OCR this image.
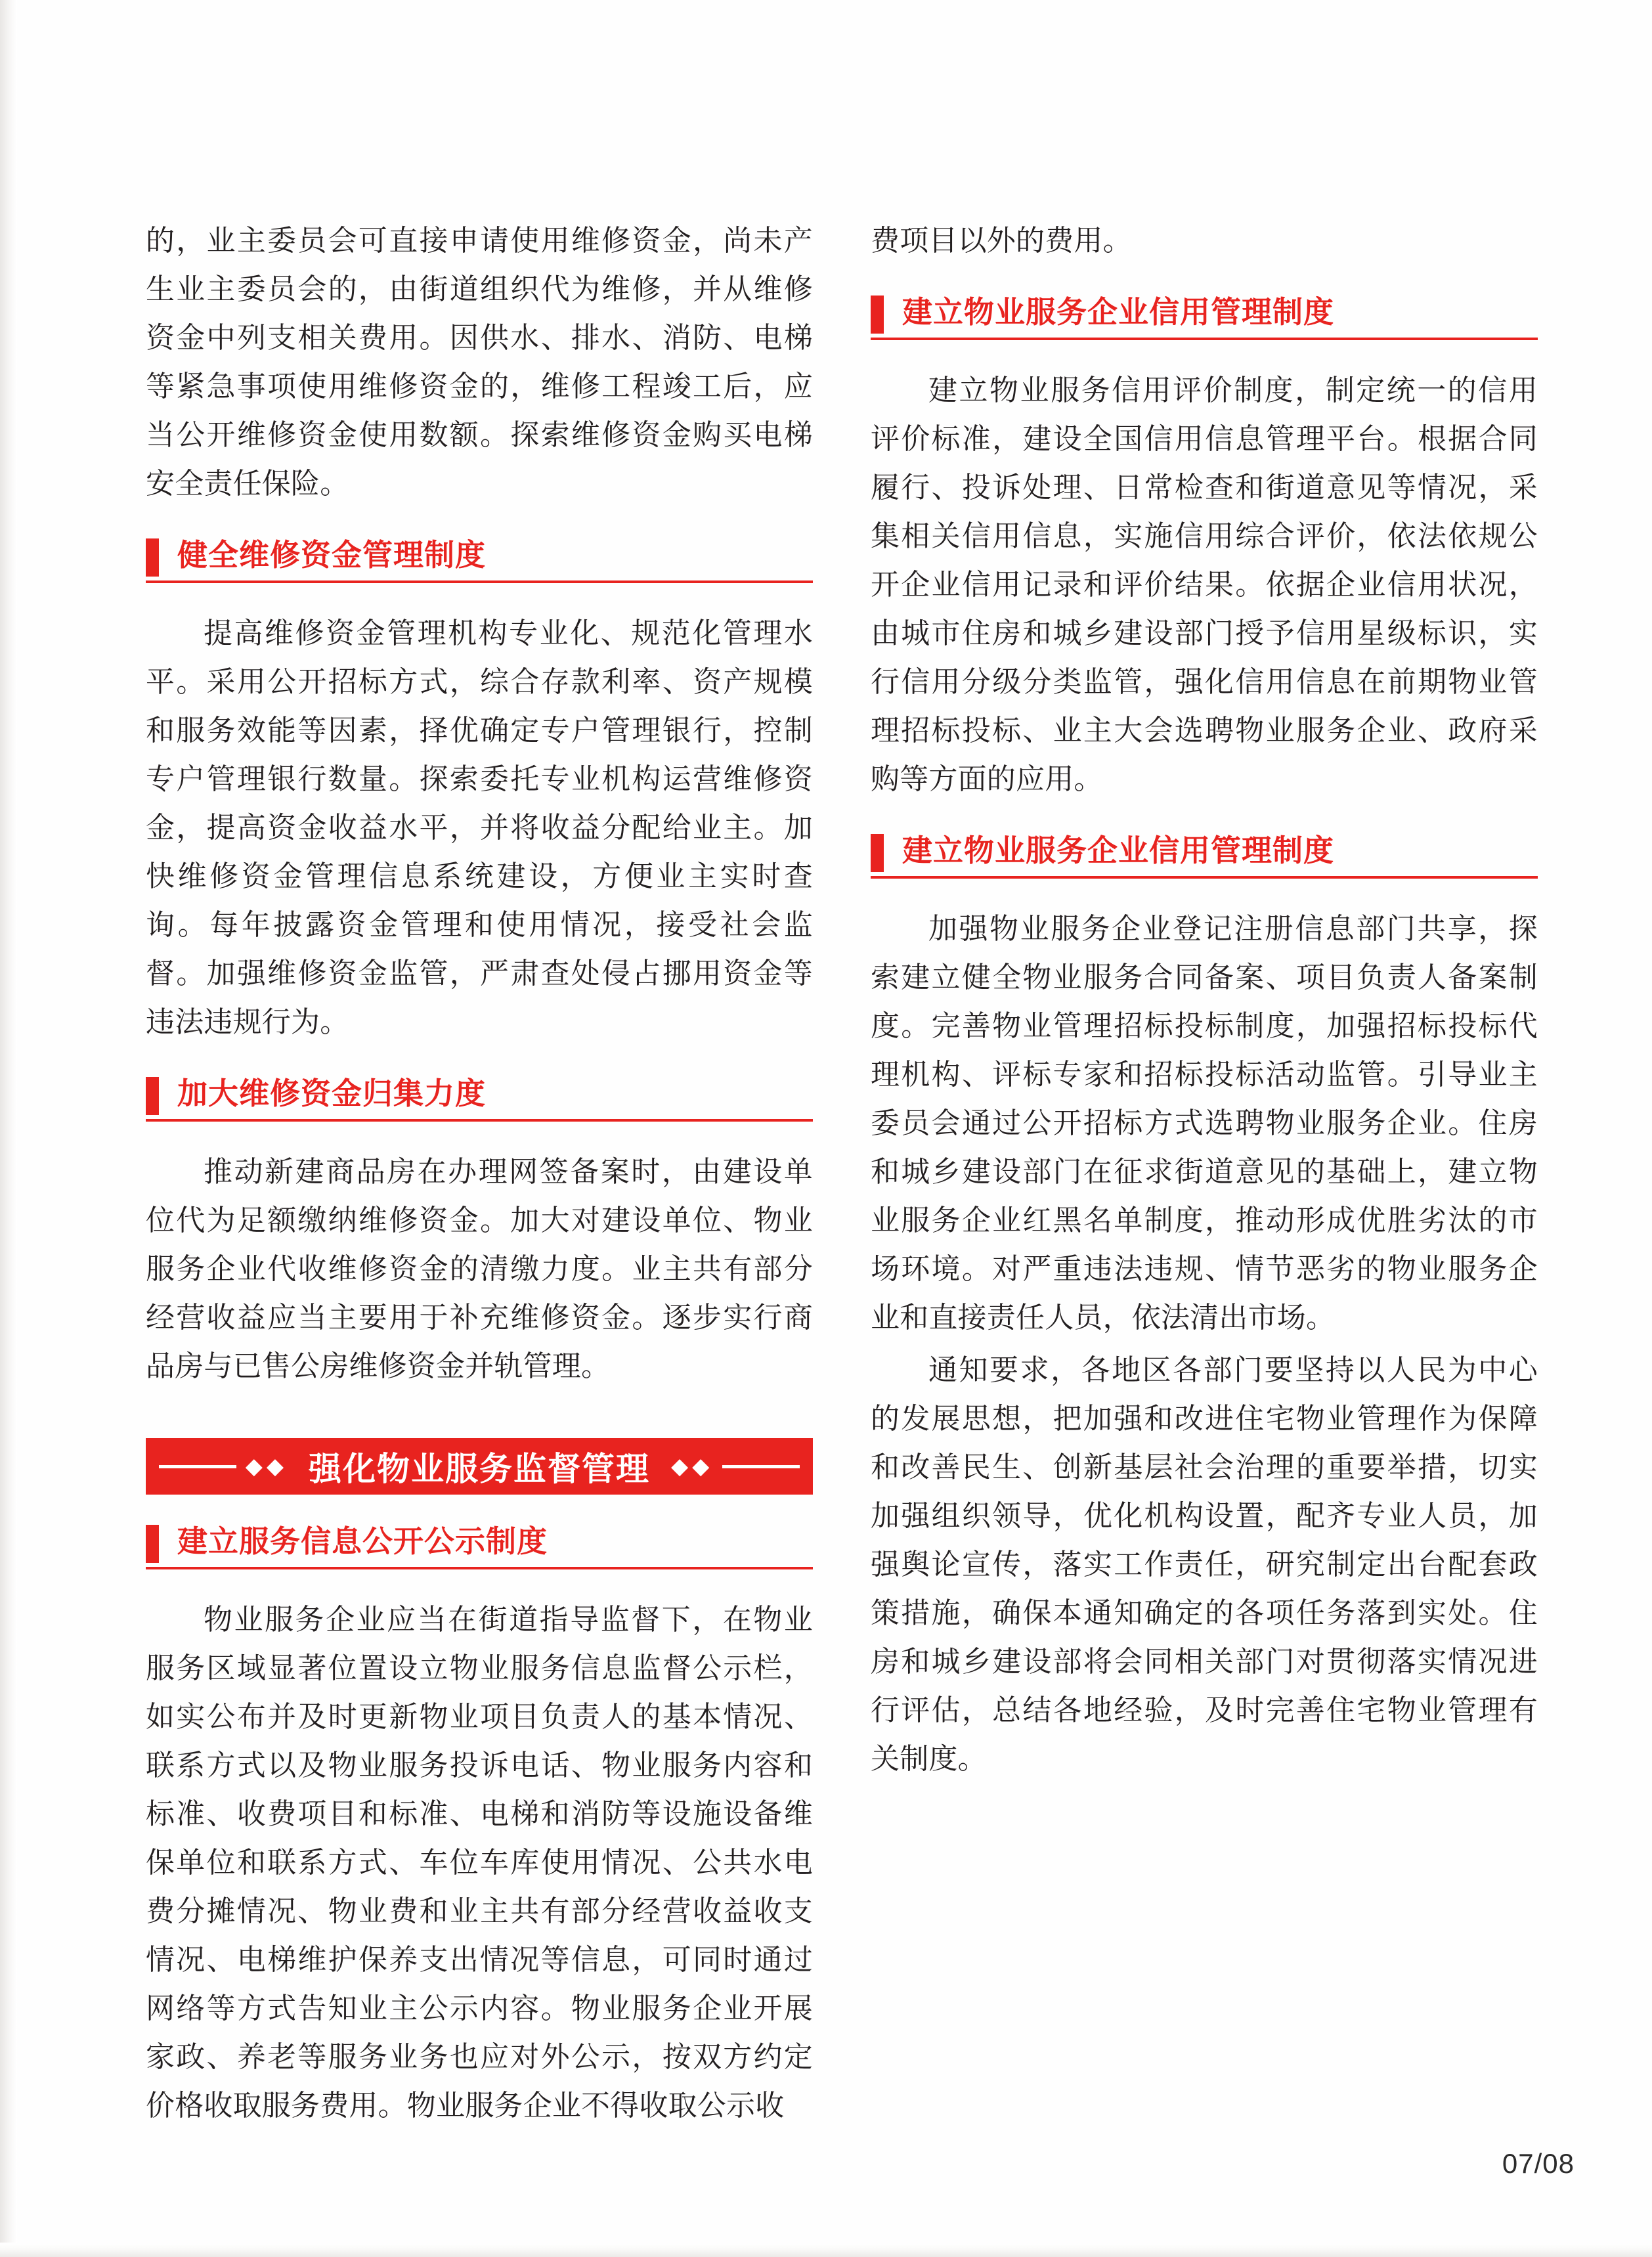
的，业主委员会可直接申请使用维修资金，尚未产生业主委员会的，由街道组织代为维修，并从维修资金中列支相关费用。因供水、排水、消防、电梯等紧急事项使用维修资金的，维修工程竣工后，应当公开维修资金使用数额。探索维修资金购买电梯安全责任保险。

健全维修资金管理制度

提高维修资金管理机构专业化、规范化管理水平。采用公开招标方式，综合存款利率、资产规模和服务效能等因素，择优确定专户管理银行，控制专户管理银行数量。探索委托专业机构运营维修资金，提高资金收益水平，并将收益分配给业主。加快维修资金管理信息系统建设，方便业主实时查询。每年披露资金管理和使用情况，接受社会监督。加强维修资金监管，严肃查处侵占挪用资金等违法违规行为。

加大维修资金归集力度

推动新建商品房在办理网签备案时，由建设单位代为足额缴纳维修资金。加大对建设单位、物业服务企业代收维修资金的清缴力度。业主共有部分经营收益应当主要用于补充维修资金。逐步实行商品房与已售公房维修资金并轨管理。

◆◆ 强化物业服务监督管理 ◆◆
建立服务信息公开公示制度

物业服务企业应当在街道指导监督下，在物业服务区域显著位置设立物业服务信息监督公示栏，如实公布并及时更新物业项目负责人的基本情况、联系方式以及物业服务投诉电话、物业服务内容和标准、收费项目和标准、电梯和消防等设施设备维保单位和联系方式、车位车库使用情况、公共水电费分摊情况、物业费和业主共有部分经营收益收支情况、电梯维护保养支出情况等信息，可同时通过网络等方式告知业主公示内容。物业服务企业开展家政、养老等服务业务也应对外公示，按双方约定价格收取服务费用。物业服务企业不得收取公示收

费项目以外的费用。

建立物业服务企业信用管理制度

建立物业服务信用评价制度，制定统一的信用评价标准，建设全国信用信息管理平台。根据合同履行、投诉处理、日常检查和街道意见等情况，采集相关信用信息，实施信用综合评价，依法依规公开企业信用记录和评价结果。依据企业信用状况，由城市住房和城乡建设部门授予信用星级标识，实行信用分级分类监管，强化信用信息在前期物业管理招标投标、业主大会选聘物业服务企业、政府采购等方面的应用。

建立物业服务企业信用管理制度

加强物业服务企业登记注册信息部门共享，探索建立健全物业服务合同备案、项目负责人备案制度。完善物业管理招标投标制度，加强招标投标代理机构、评标专家和招标投标活动监管。引导业主委员会通过公开招标方式选聘物业服务企业。住房和城乡建设部门在征求街道意见的基础上，建立物业服务企业红黑名单制度，推动形成优胜劣汰的市场环境。对严重违法违规、情节恶劣的物业服务企业和直接责任人员，依法清出市场。

通知要求，各地区各部门要坚持以人民为中心的发展思想，把加强和改进住宅物业管理作为保障和改善民生、创新基层社会治理的重要举措，切实加强组织领导，优化机构设置，配齐专业人员，加强舆论宣传，落实工作责任，研究制定出台配套政策措施，确保本通知确定的各项任务落到实处。住房和城乡建设部将会同相关部门对贯彻落实情况进行评估，总结各地经验，及时完善住宅物业管理有关制度。

07/08
